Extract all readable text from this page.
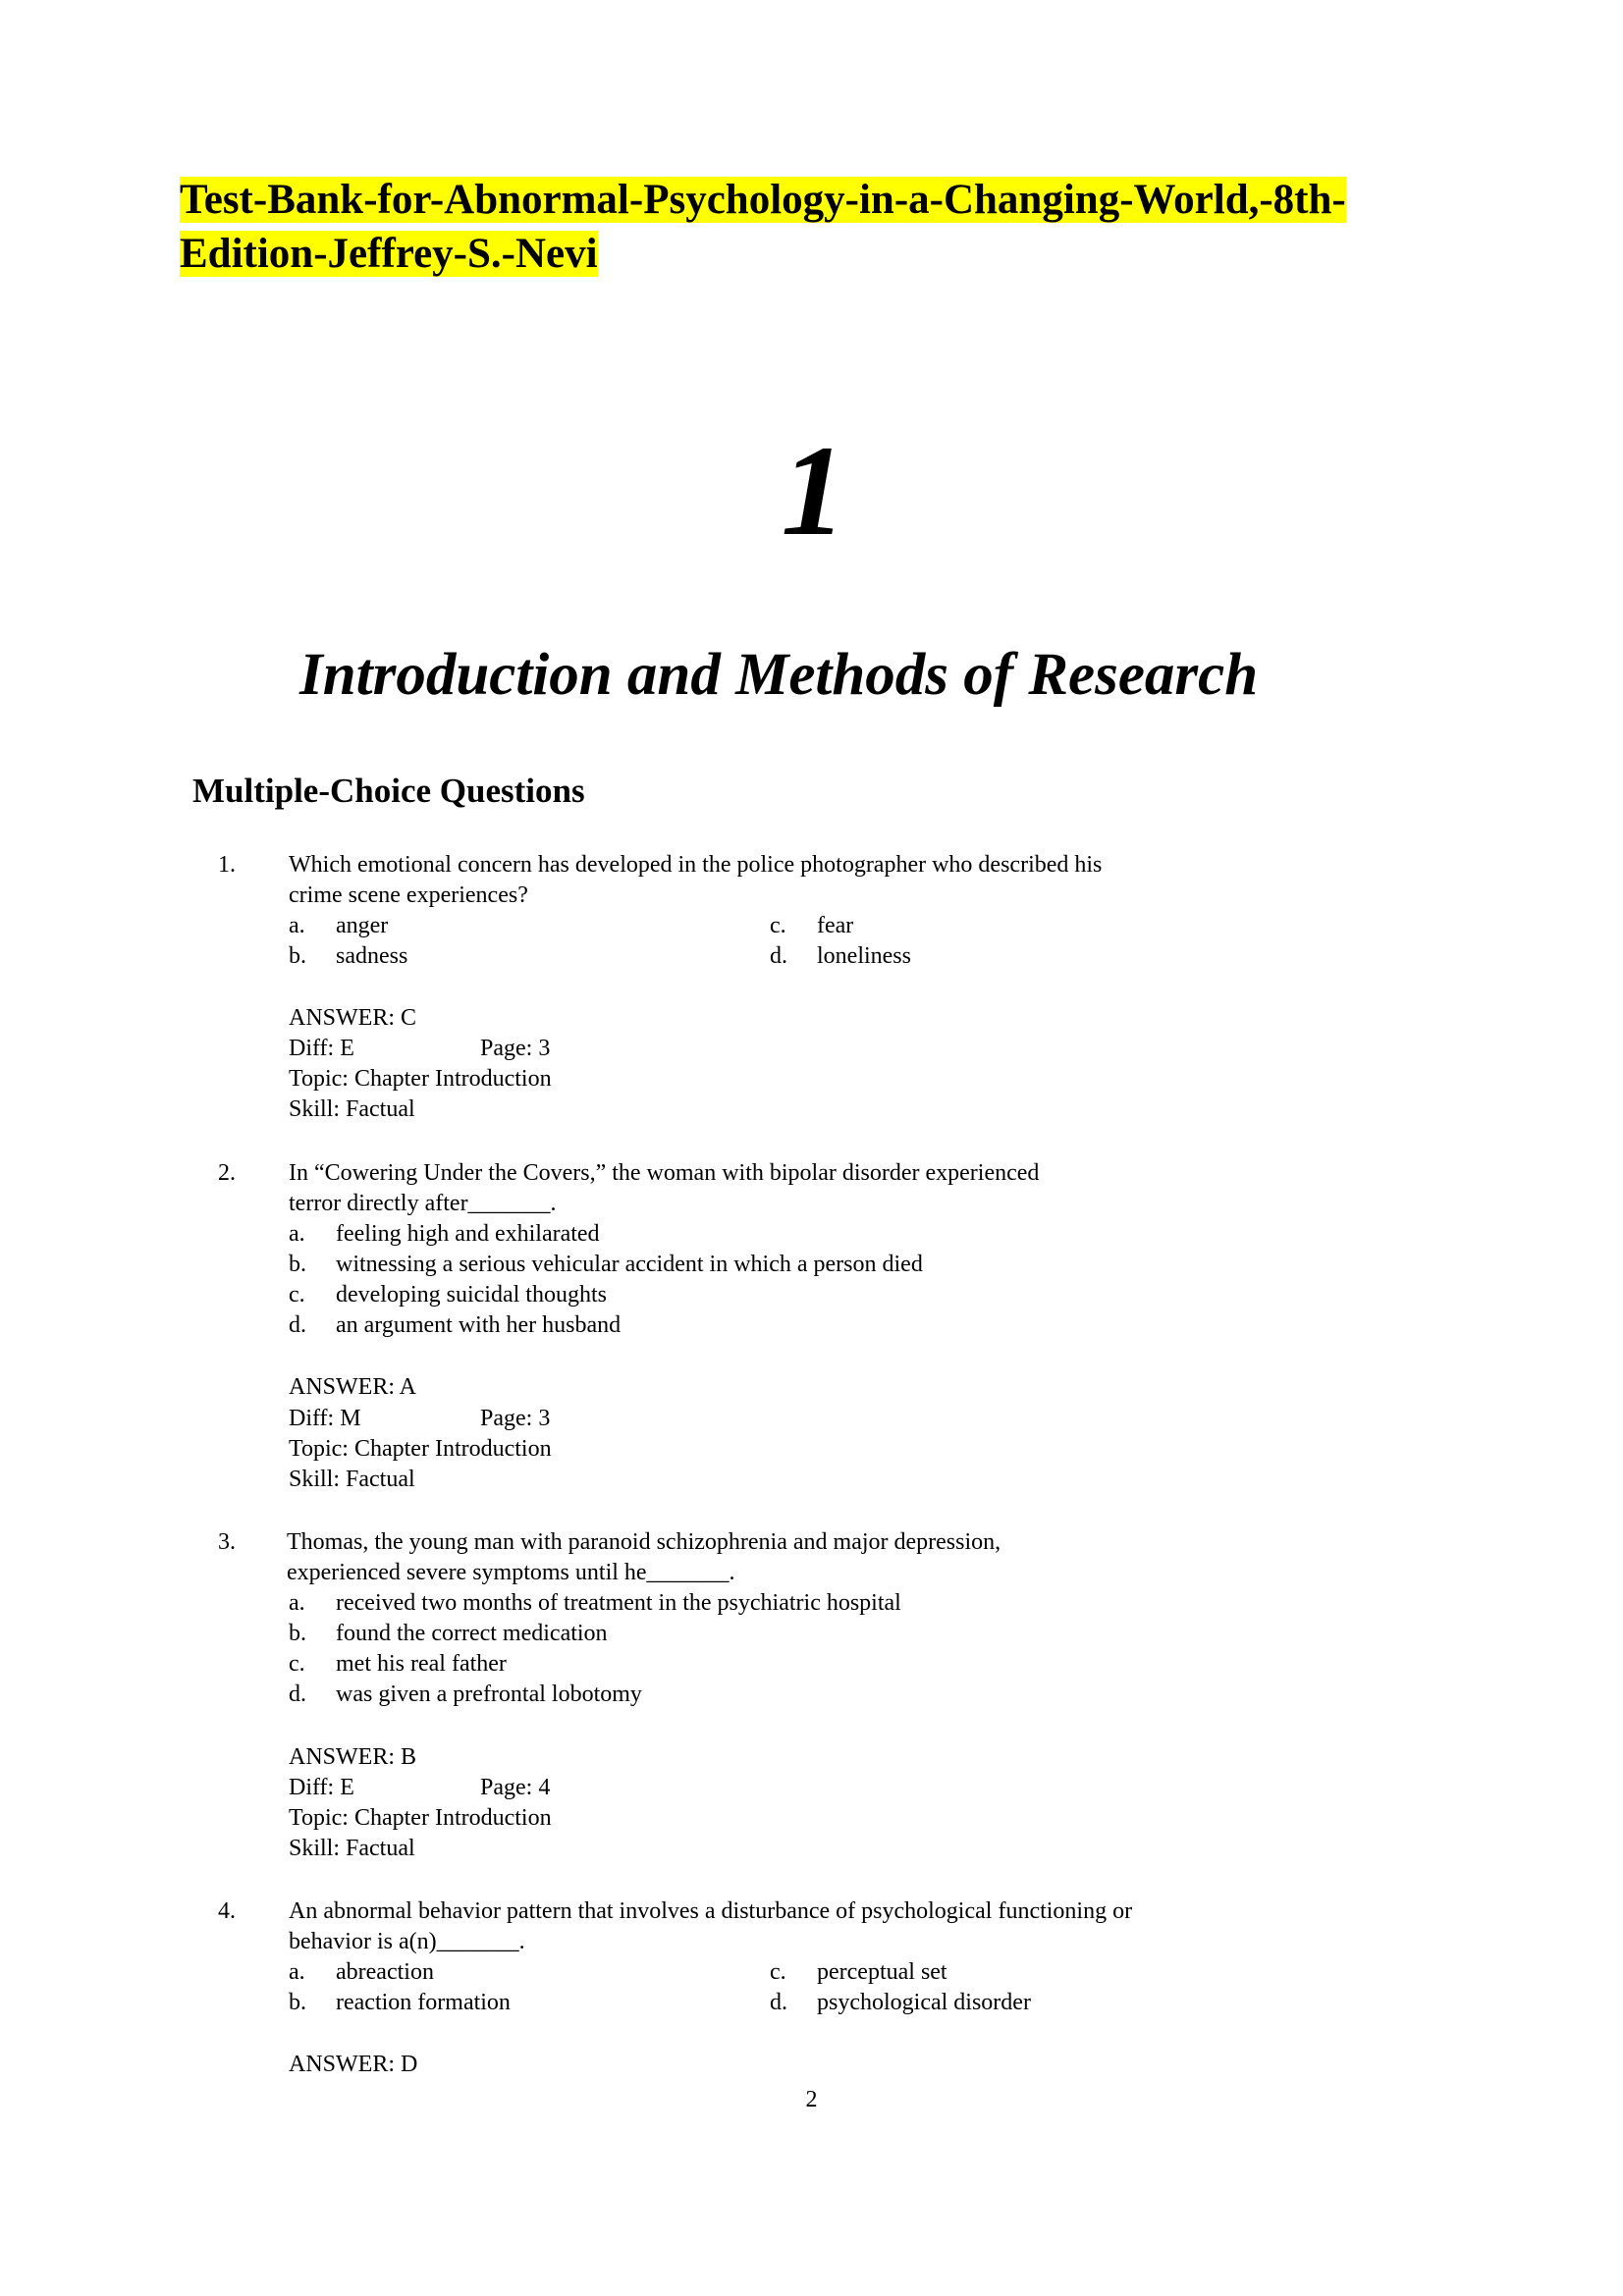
Test-Bank-for-Abnormal-Psychology-in-a-Changing-World,-8th-
Edition-Jeffrey-S.-Nevi
1
Introduction and Methods of Research
Multiple-Choice Questions
1. Which emotional concern has developed in the police photographer who described his
crime scene experiences?
a. anger	c. fear
b. sadness	d. loneliness
ANSWER: C
Diff: E	Page: 3
Topic: Chapter Introduction
Skill: Factual
2. In “Cowering Under the Covers,” the woman with bipolar disorder experienced
terror directly after_______.
a. feeling high and exhilarated
b. witnessing a serious vehicular accident in which a person died
c. developing suicidal thoughts
d. an argument with her husband
ANSWER: A
Diff: M	Page: 3
Topic: Chapter Introduction
Skill: Factual
3. Thomas, the young man with paranoid schizophrenia and major depression,
experienced severe symptoms until he_______.
a. received two months of treatment in the psychiatric hospital
b. found the correct medication
c. met his real father
d. was given a prefrontal lobotomy
ANSWER: B
Diff: E	Page: 4
Topic: Chapter Introduction
Skill: Factual
4. An abnormal behavior pattern that involves a disturbance of psychological functioning or
behavior is a(n)_______.
a. abreaction	c. perceptual set
b. reaction formation	d. psychological disorder
ANSWER: D
2
